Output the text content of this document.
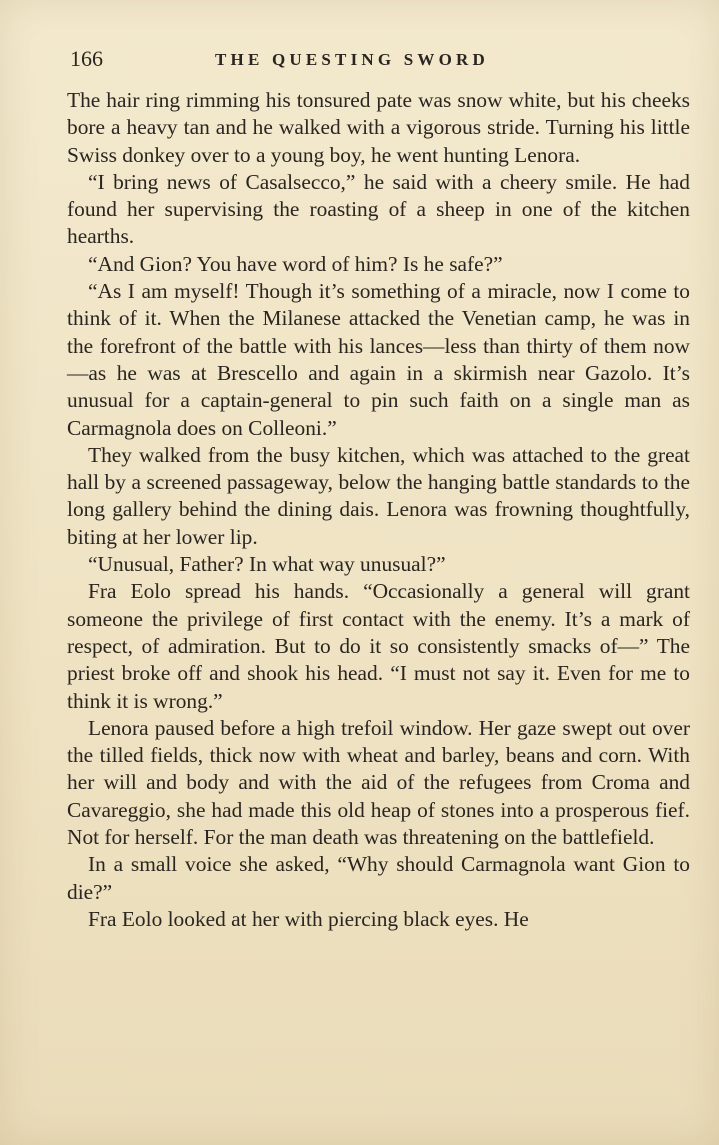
166	THE QUESTING SWORD

The hair ring rimming his tonsured pate was snow white, but his cheeks bore a heavy tan and he walked with a vigorous stride. Turning his little Swiss donkey over to a young boy, he went hunting Lenora.

“I bring news of Casalsecco,” he said with a cheery smile. He had found her supervising the roasting of a sheep in one of the kitchen hearths.

“And Gion? You have word of him? Is he safe?”

“As I am myself! Though it’s something of a miracle, now I come to think of it. When the Milanese attacked the Venetian camp, he was in the forefront of the battle with his lances—less than thirty of them now—as he was at Brescello and again in a skirmish near Gazolo. It’s unusual for a captain-general to pin such faith on a single man as Carmagnola does on Colleoni.”

They walked from the busy kitchen, which was attached to the great hall by a screened passageway, below the hanging battle standards to the long gallery behind the dining dais. Lenora was frowning thoughtfully, biting at her lower lip.

“Unusual, Father? In what way unusual?”

Fra Eolo spread his hands. “Occasionally a general will grant someone the privilege of first contact with the enemy. It’s a mark of respect, of admiration. But to do it so consistently smacks of—” The priest broke off and shook his head. “I must not say it. Even for me to think it is wrong.”

Lenora paused before a high trefoil window. Her gaze swept out over the tilled fields, thick now with wheat and barley, beans and corn. With her will and body and with the aid of the refugees from Croma and Cavareggio, she had made this old heap of stones into a prosperous fief. Not for herself. For the man death was threatening on the battlefield.

In a small voice she asked, “Why should Carmagnola want Gion to die?”

Fra Eolo looked at her with piercing black eyes. He
